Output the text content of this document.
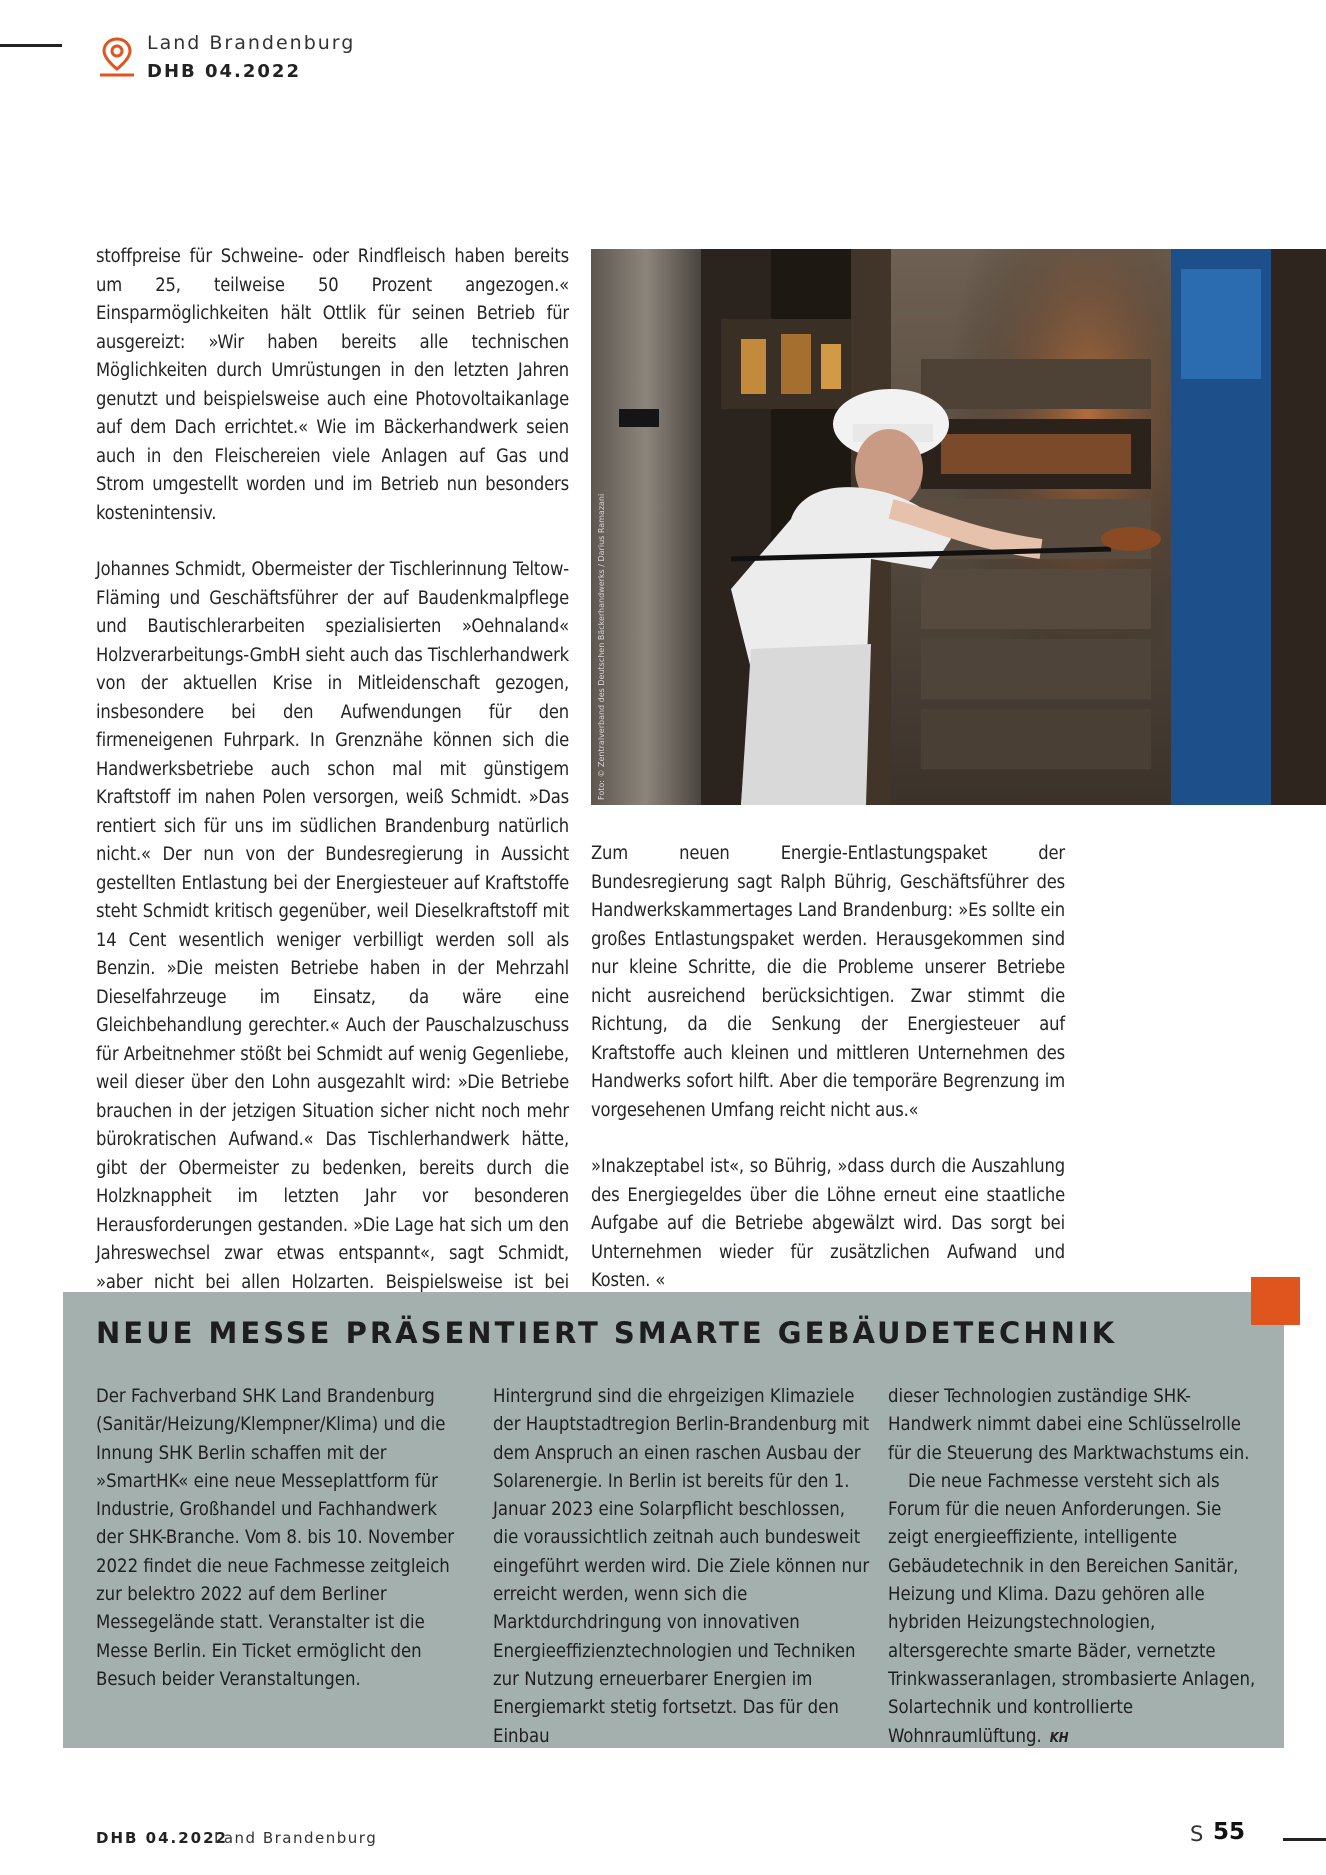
Land Brandenburg
DHB 04.2022

stoffpreise für Schweine- oder Rindfleisch haben bereits um 25, teilweise 50 Prozent angezogen.« Einsparmöglichkeiten hält Ottlik für seinen Betrieb für ausgereizt: »Wir haben bereits alle technischen Möglichkeiten durch Umrüstungen in den letzten Jahren genutzt und beispielsweise auch eine Photovoltaikanlage auf dem Dach errichtet.« Wie im Bäckerhandwerk seien auch in den Fleischereien viele Anlagen auf Gas und Strom umgestellt worden und im Betrieb nun besonders kostenintensiv.

Johannes Schmidt, Obermeister der Tischlerinnung Teltow-Fläming und Geschäftsführer der auf Baudenkmalpflege und Bautischlerarbeiten spezialisierten »Oehnaland« Holzverarbeitungs-GmbH sieht auch das Tischlerhandwerk von der aktuellen Krise in Mitleidenschaft gezogen, insbesondere bei den Aufwendungen für den firmeneigenen Fuhrpark. In Grenznähe können sich die Handwerksbetriebe auch schon mal mit günstigem Kraftstoff im nahen Polen versorgen, weiß Schmidt. »Das rentiert sich für uns im südlichen Brandenburg natürlich nicht.« Der nun von der Bundesregierung in Aussicht gestellten Entlastung bei der Energiesteuer auf Kraftstoffe steht Schmidt kritisch gegenüber, weil Dieselkraftstoff mit 14 Cent wesentlich weniger verbilligt werden soll als Benzin. »Die meisten Betriebe haben in der Mehrzahl Dieselfahrzeuge im Einsatz, da wäre eine Gleichbehandlung gerechter.« Auch der Pauschalzuschuss für Arbeitnehmer stößt bei Schmidt auf wenig Gegenliebe, weil dieser über den Lohn ausgezahlt wird: »Die Betriebe brauchen in der jetzigen Situation sicher nicht noch mehr bürokratischen Aufwand.« Das Tischlerhandwerk hätte, gibt der Obermeister zu bedenken, bereits durch die Holzknappheit im letzten Jahr vor besonderen Herausforderungen gestanden. »Die Lage hat sich um den Jahreswechsel zwar etwas entspannt«, sagt Schmidt, »aber nicht bei allen Holzarten. Beispielsweise ist bei

Foto: © Zentralverband des Deutschen Bäckerhandwerks / Darius Ramazani

Zum neuen Energie-Entlastungspaket der Bundesregierung sagt Ralph Bührig, Geschäftsführer des Handwerkskammertages Land Brandenburg: »Es sollte ein großes Entlastungspaket werden. Herausgekommen sind nur kleine Schritte, die die Probleme unserer Betriebe nicht ausreichend berücksichtigen. Zwar stimmt die Richtung, da die Senkung der Energiesteuer auf Kraftstoffe auch kleinen und mittleren Unternehmen des Handwerks sofort hilft. Aber die temporäre Begrenzung im vorgesehenen Umfang reicht nicht aus.«

»Inakzeptabel ist«, so Bührig, »dass durch die Auszahlung des Energiegeldes über die Löhne erneut eine staatliche Aufgabe auf die Betriebe abgewälzt wird. Das sorgt bei Unternehmen wieder für zusätzlichen Aufwand und Kosten. «

NEUE MESSE PRÄSENTIERT SMARTE GEBÄUDETECHNIK

Der Fachverband SHK Land Brandenburg (Sanitär/Heizung/Klempner/Klima) und die Innung SHK Berlin schaffen mit der »SmartHK« eine neue Messeplattform für Industrie, Großhandel und Fachhandwerk der SHK-Branche. Vom 8. bis 10. November 2022 findet die neue Fachmesse zeitgleich zur belektro 2022 auf dem Berliner Messegelände statt. Veranstalter ist die Messe Berlin. Ein Ticket ermöglicht den Besuch beider Veranstaltungen.

Hintergrund sind die ehrgeizigen Klimaziele der Hauptstadtregion Berlin-Brandenburg mit dem Anspruch an einen raschen Ausbau der Solarenergie. In Berlin ist bereits für den 1. Januar 2023 eine Solarpflicht beschlossen, die voraussichtlich zeitnah auch bundesweit eingeführt werden wird. Die Ziele können nur erreicht werden, wenn sich die Marktdurchdringung von innovativen Energieeffizienztechnologien und Techniken zur Nutzung erneuerbarer Energien im Energiemarkt stetig fortsetzt. Das für den Einbau

dieser Technologien zuständige SHK-Handwerk nimmt dabei eine Schlüsselrolle für die Steuerung des Marktwachstums ein.

Die neue Fachmesse versteht sich als Forum für die neuen Anforderungen. Sie zeigt energieeffiziente, intelligente Gebäudetechnik in den Bereichen Sanitär, Heizung und Klima. Dazu gehören alle hybriden Heizungstechnologien, altersgerechte smarte Bäder, vernetzte Trinkwasseranlagen, strombasierte Anlagen, Solartechnik und kontrollierte Wohnraumlüftung. KH

DHB 04.2022
Land Brandenburg	S 55
